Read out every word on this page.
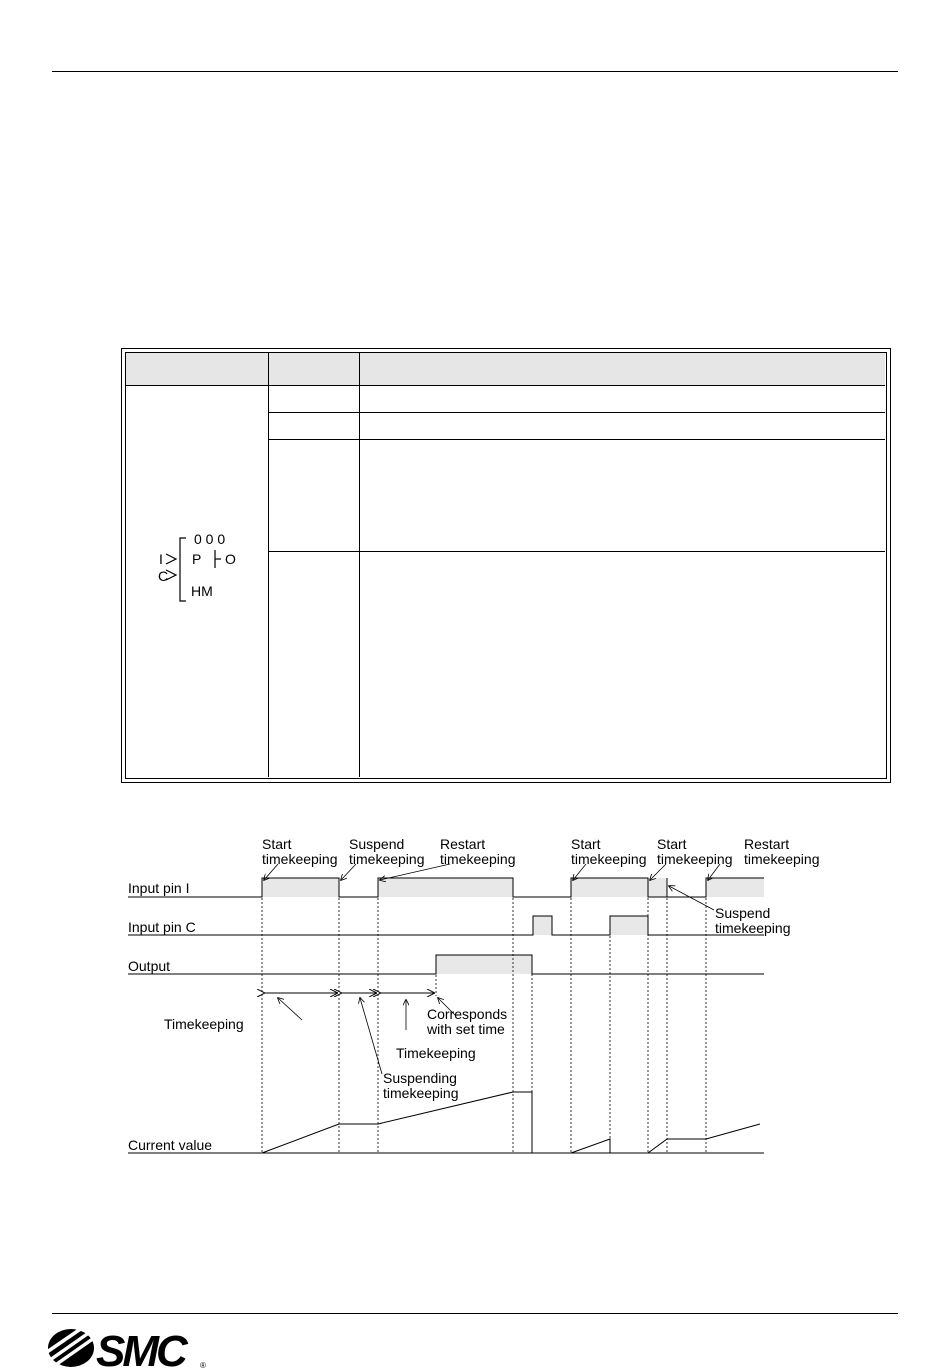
0 0 0
I P O
C
HM
Input pin I
Input pin C
Output
Current value
Start
timekeeping
Suspend
timekeeping
Restart
timekeeping
Start
timekeeping
Start
timekeeping
Restart
timekeeping
Suspend
timekeeping
Timekeeping
Timekeeping
Corresponds
with set time
Suspending
timekeeping
SMC	®
